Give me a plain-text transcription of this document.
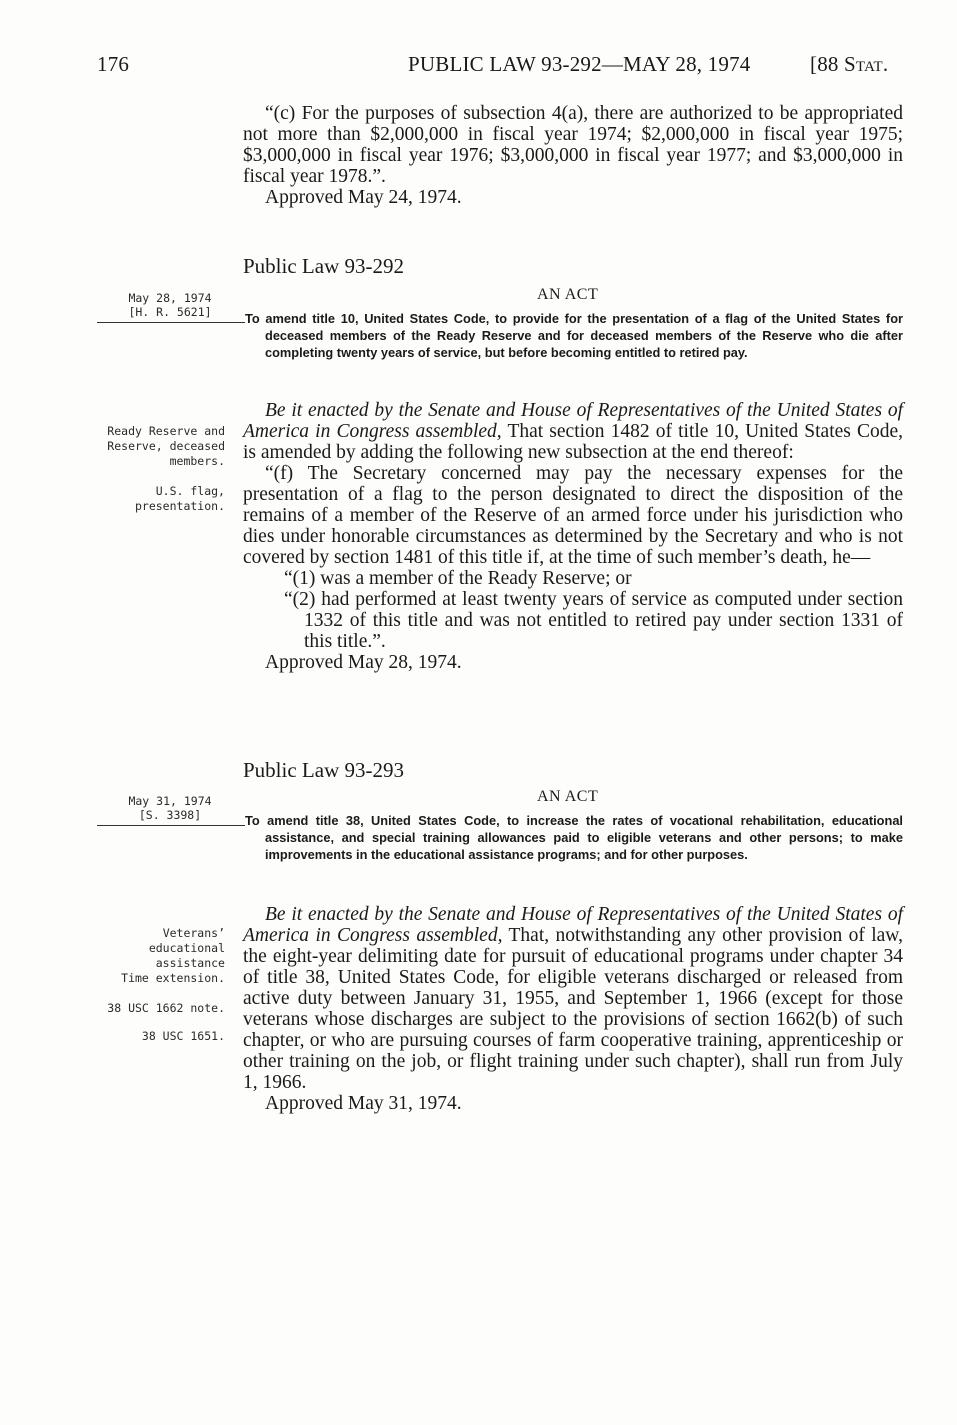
176	PUBLIC LAW 93-292—MAY 28, 1974	[88 Stat.

“(c) For the purposes of subsection 4(a), there are authorized to be appropriated not more than $2,000,000 in fiscal year 1974; $2,000,000 in fiscal year 1975; $3,000,000 in fiscal year 1976; $3,000,000 in fiscal year 1977; and $3,000,000 in fiscal year 1978.”.

Approved May 24, 1974.

Public Law 93-292
May 28, 1974
[H. R. 5621]
AN ACT

To amend title 10, United States Code, to provide for the presentation of a flag of the United States for deceased members of the Ready Reserve and for deceased members of the Reserve who die after completing twenty years of service, but before becoming entitled to retired pay.

Ready Reserve and Reserve, deceased members.
U.S. flag, presentation.

Be it enacted by the Senate and House of Representatives of the United States of America in Congress assembled, That section 1482 of title 10, United States Code, is amended by adding the following new subsection at the end thereof:

“(f) The Secretary concerned may pay the necessary expenses for the presentation of a flag to the person designated to direct the disposition of the remains of a member of the Reserve of an armed force under his jurisdiction who dies under honorable circumstances as determined by the Secretary and who is not covered by section 1481 of this title if, at the time of such member’s death, he—

“(1) was a member of the Ready Reserve; or

“(2) had performed at least twenty years of service as computed under section 1332 of this title and was not entitled to retired pay under section 1331 of this title.”.

Approved May 28, 1974.

Public Law 93-293
May 31, 1974
[S. 3398]
AN ACT

To amend title 38, United States Code, to increase the rates of vocational rehabilitation, educational assistance, and special training allowances paid to eligible veterans and other persons; to make improvements in the educational assistance programs; and for other purposes.

Veterans’ educational assistance
Time extension.
38 USC 1662 note.
38 USC 1651.

Be it enacted by the Senate and House of Representatives of the United States of America in Congress assembled, That, notwithstanding any other provision of law, the eight-year delimiting date for pursuit of educational programs under chapter 34 of title 38, United States Code, for eligible veterans discharged or released from active duty between January 31, 1955, and September 1, 1966 (except for those veterans whose discharges are subject to the provisions of section 1662(b) of such chapter, or who are pursuing courses of farm cooperative training, apprenticeship or other training on the job, or flight training under such chapter), shall run from July 1, 1966.

Approved May 31, 1974.
